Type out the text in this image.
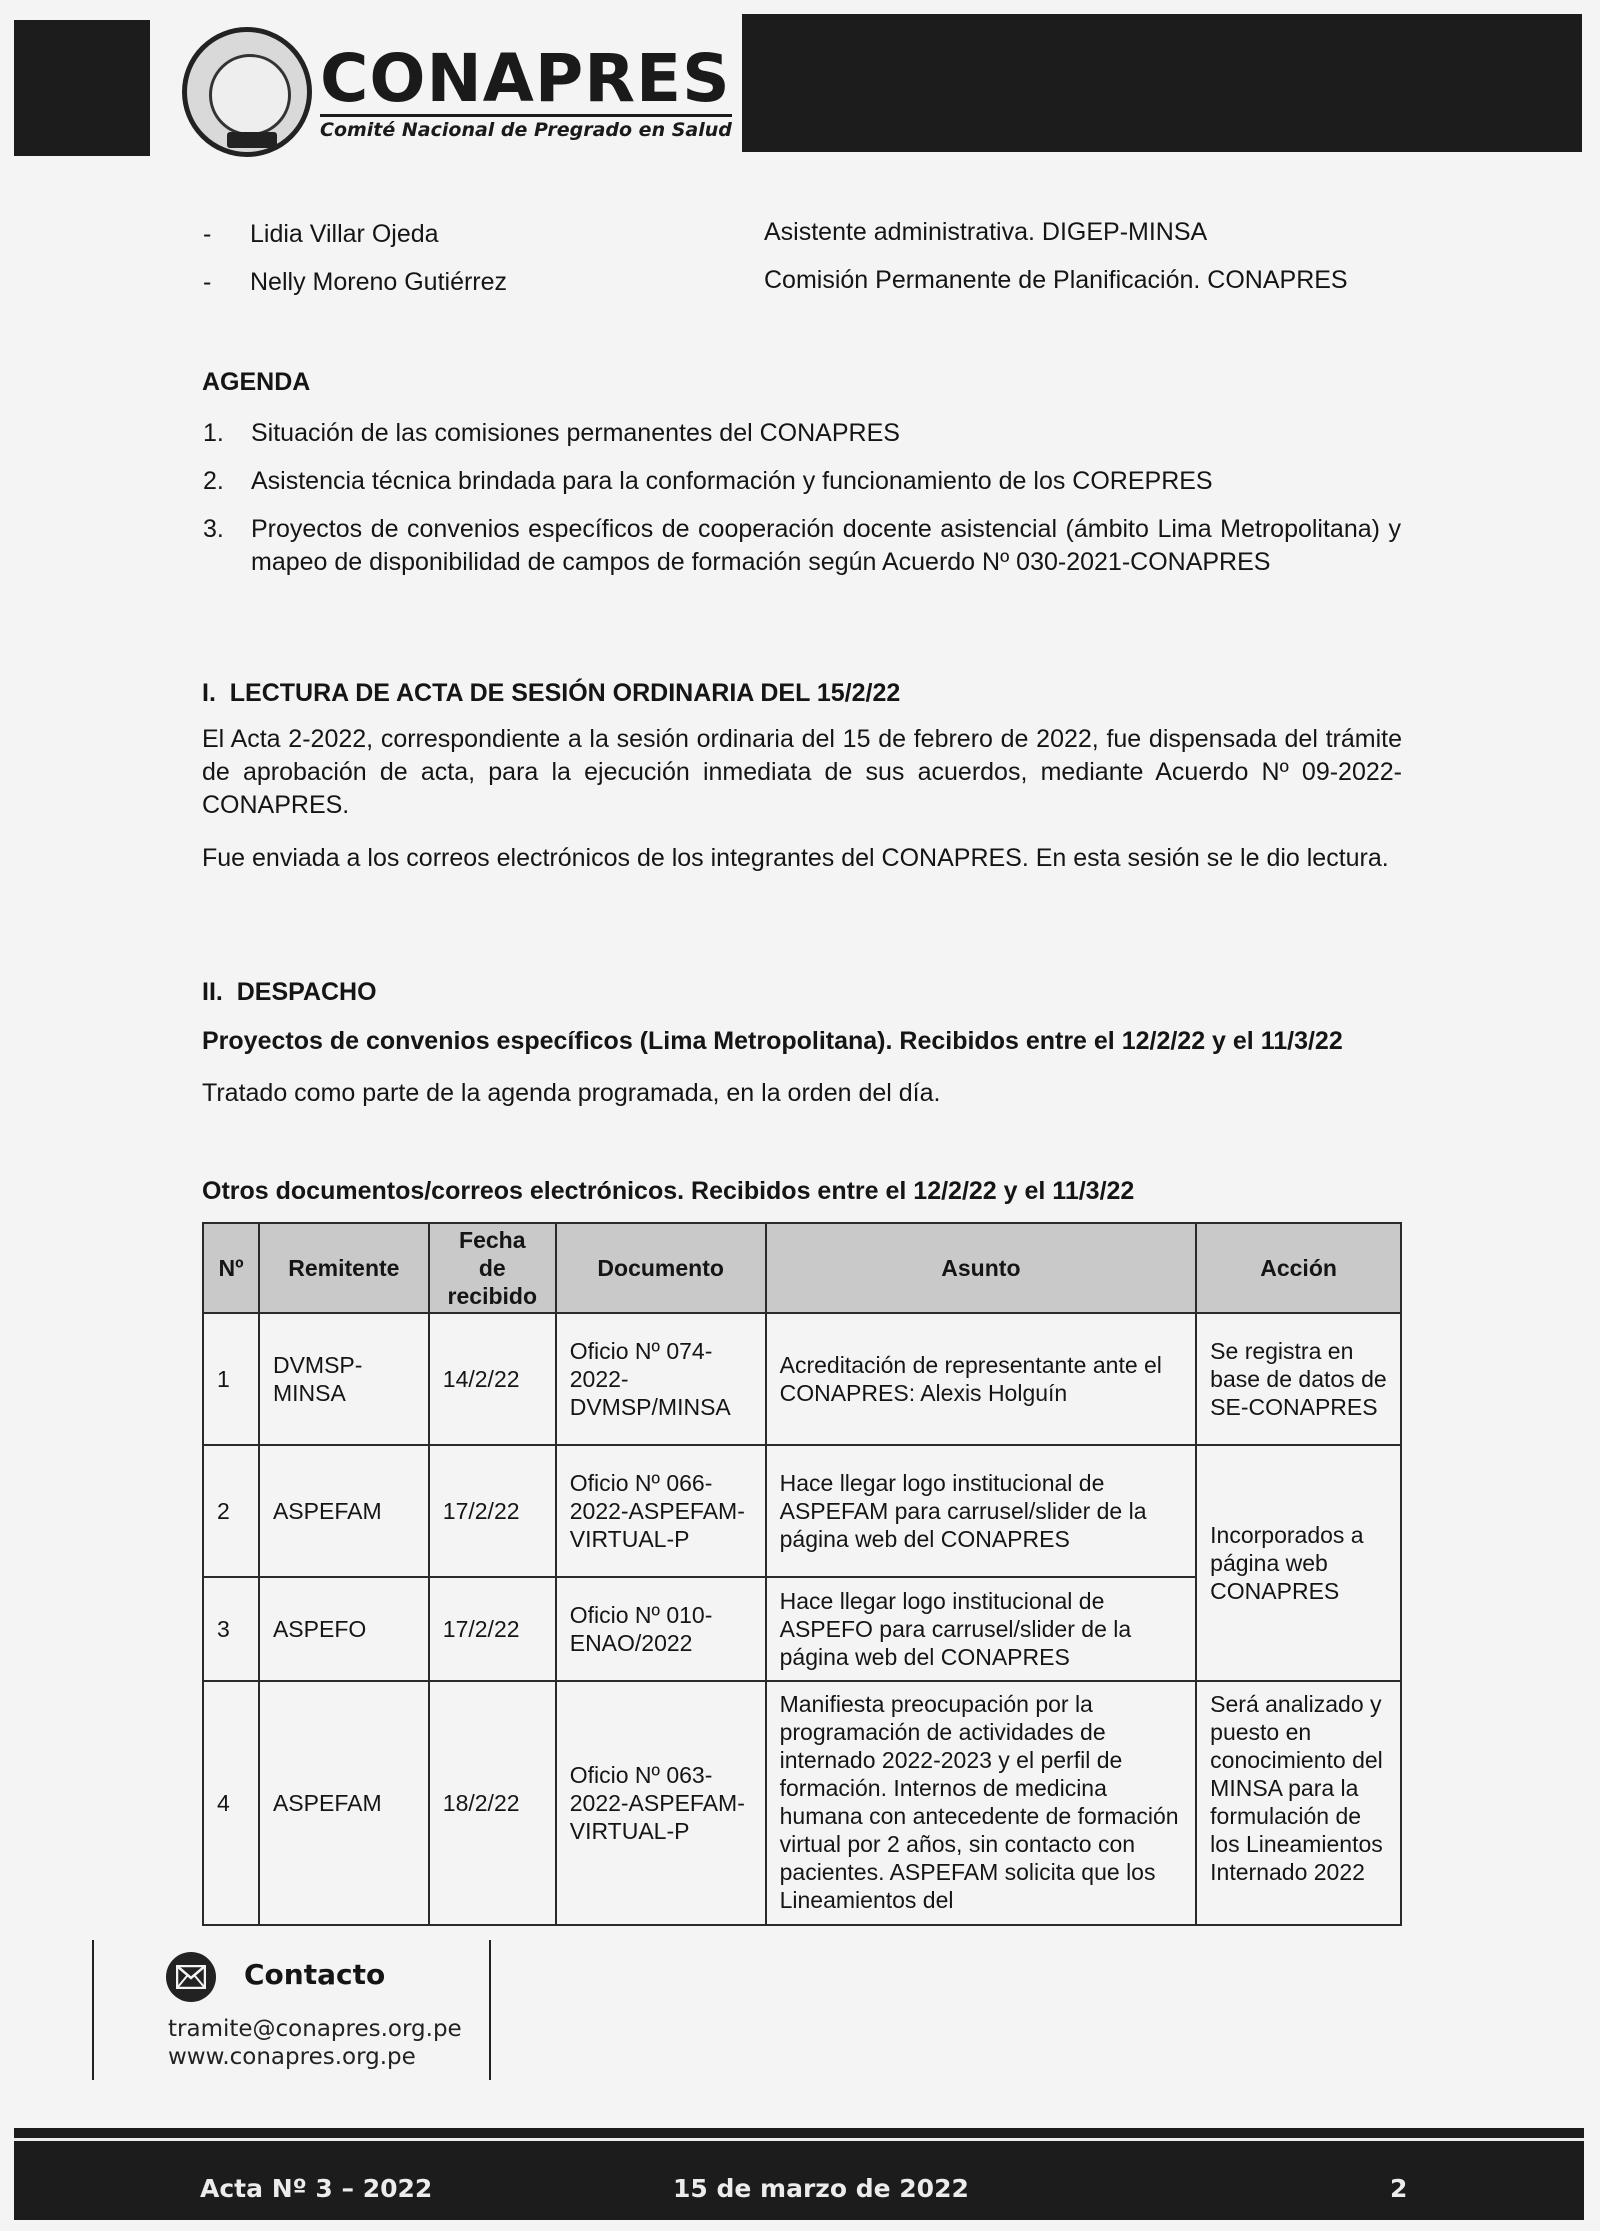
CONAPRES
Comité Nacional de Pregrado en Salud
- Lidia Villar Ojeda	Asistente administrativa. DIGEP-MINSA
- Nelly Moreno Gutiérrez	Comisión Permanente de Planificación. CONAPRES
AGENDA
1. Situación de las comisiones permanentes del CONAPRES
2. Asistencia técnica brindada para la conformación y funcionamiento de los COREPRES
3. Proyectos de convenios específicos de cooperación docente asistencial (ámbito Lima Metropolitana) y mapeo de disponibilidad de campos de formación según Acuerdo Nº 030-2021-CONAPRES
I.  LECTURA DE ACTA DE SESIÓN ORDINARIA DEL 15/2/22
El Acta 2-2022, correspondiente a la sesión ordinaria del 15 de febrero de 2022, fue dispensada del trámite de aprobación de acta, para la ejecución inmediata de sus acuerdos, mediante Acuerdo Nº 09-2022-CONAPRES.
Fue enviada a los correos electrónicos de los integrantes del CONAPRES. En esta sesión se le dio lectura.
II.  DESPACHO
Proyectos de convenios específicos (Lima Metropolitana). Recibidos entre el 12/2/22 y el 11/3/22
Tratado como parte de la agenda programada, en la orden del día.
Otros documentos/correos electrónicos. Recibidos entre el 12/2/22 y el 11/3/22
Nº	Remitente	Fecha de recibido	Documento	Asunto	Acción
1	DVMSP-MINSA	14/2/22	Oficio Nº 074-2022-DVMSP/MINSA	Acreditación de representante ante el CONAPRES: Alexis Holguín	Se registra en base de datos de SE-CONAPRES
2	ASPEFAM	17/2/22	Oficio Nº 066-2022-ASPEFAM-VIRTUAL-P	Hace llegar logo institucional de ASPEFAM para carrusel/slider de la página web del CONAPRES	Incorporados a página web CONAPRES
3	ASPEFO	17/2/22	Oficio Nº 010-ENAO/2022	Hace llegar logo institucional de ASPEFO para carrusel/slider de la página web del CONAPRES	
4	ASPEFAM	18/2/22	Oficio Nº 063-2022-ASPEFAM-VIRTUAL-P	Manifiesta preocupación por la programación de actividades de internado 2022-2023 y el perfil de formación. Internos de medicina humana con antecedente de formación virtual por 2 años, sin contacto con pacientes. ASPEFAM solicita que los Lineamientos del	Será analizado y puesto en conocimiento del MINSA para la formulación de los Lineamientos Internado 2022
Contacto
tramite@conapres.org.pe
www.conapres.org.pe
Acta Nº 3 – 2022	15 de marzo de 2022	2
